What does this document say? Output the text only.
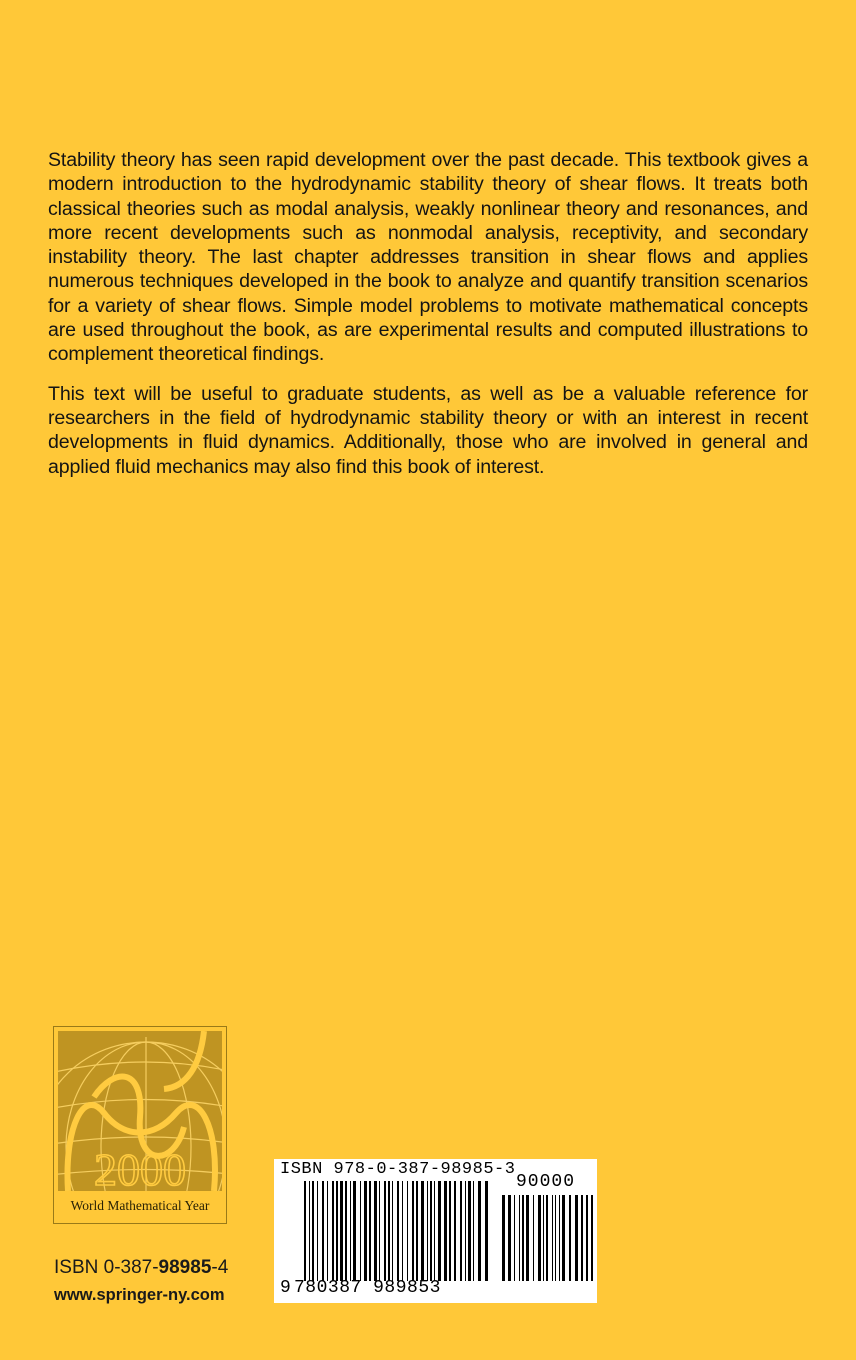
Stability theory has seen rapid development over the past decade. This textbook gives a modern introduction to the hydrodynamic stability theory of shear flows. It treats both classical theories such as modal analysis, weakly nonlinear theory and resonances, and more recent developments such as nonmodal analysis, receptivity, and secondary instability theory. The last chapter addresses transition in shear flows and applies numerous techniques developed in the book to analyze and quantify transition scenarios for a variety of shear flows. Simple model problems to motivate mathematical concepts are used throughout the book, as are experimental results and computed illustrations to complement theoretical findings.

This text will be useful to graduate students, as well as be a valuable reference for researchers in the field of hydrodynamic stability theory or with an interest in recent developments in fluid dynamics. Additionally, those who are involved in general and applied fluid mechanics may also find this book of interest.

2000
World Mathematical Year
ISBN 0-387-98985-4
www.springer-ny.com
ISBN 978-0-387-98985-3
9 780387 989853
90000
